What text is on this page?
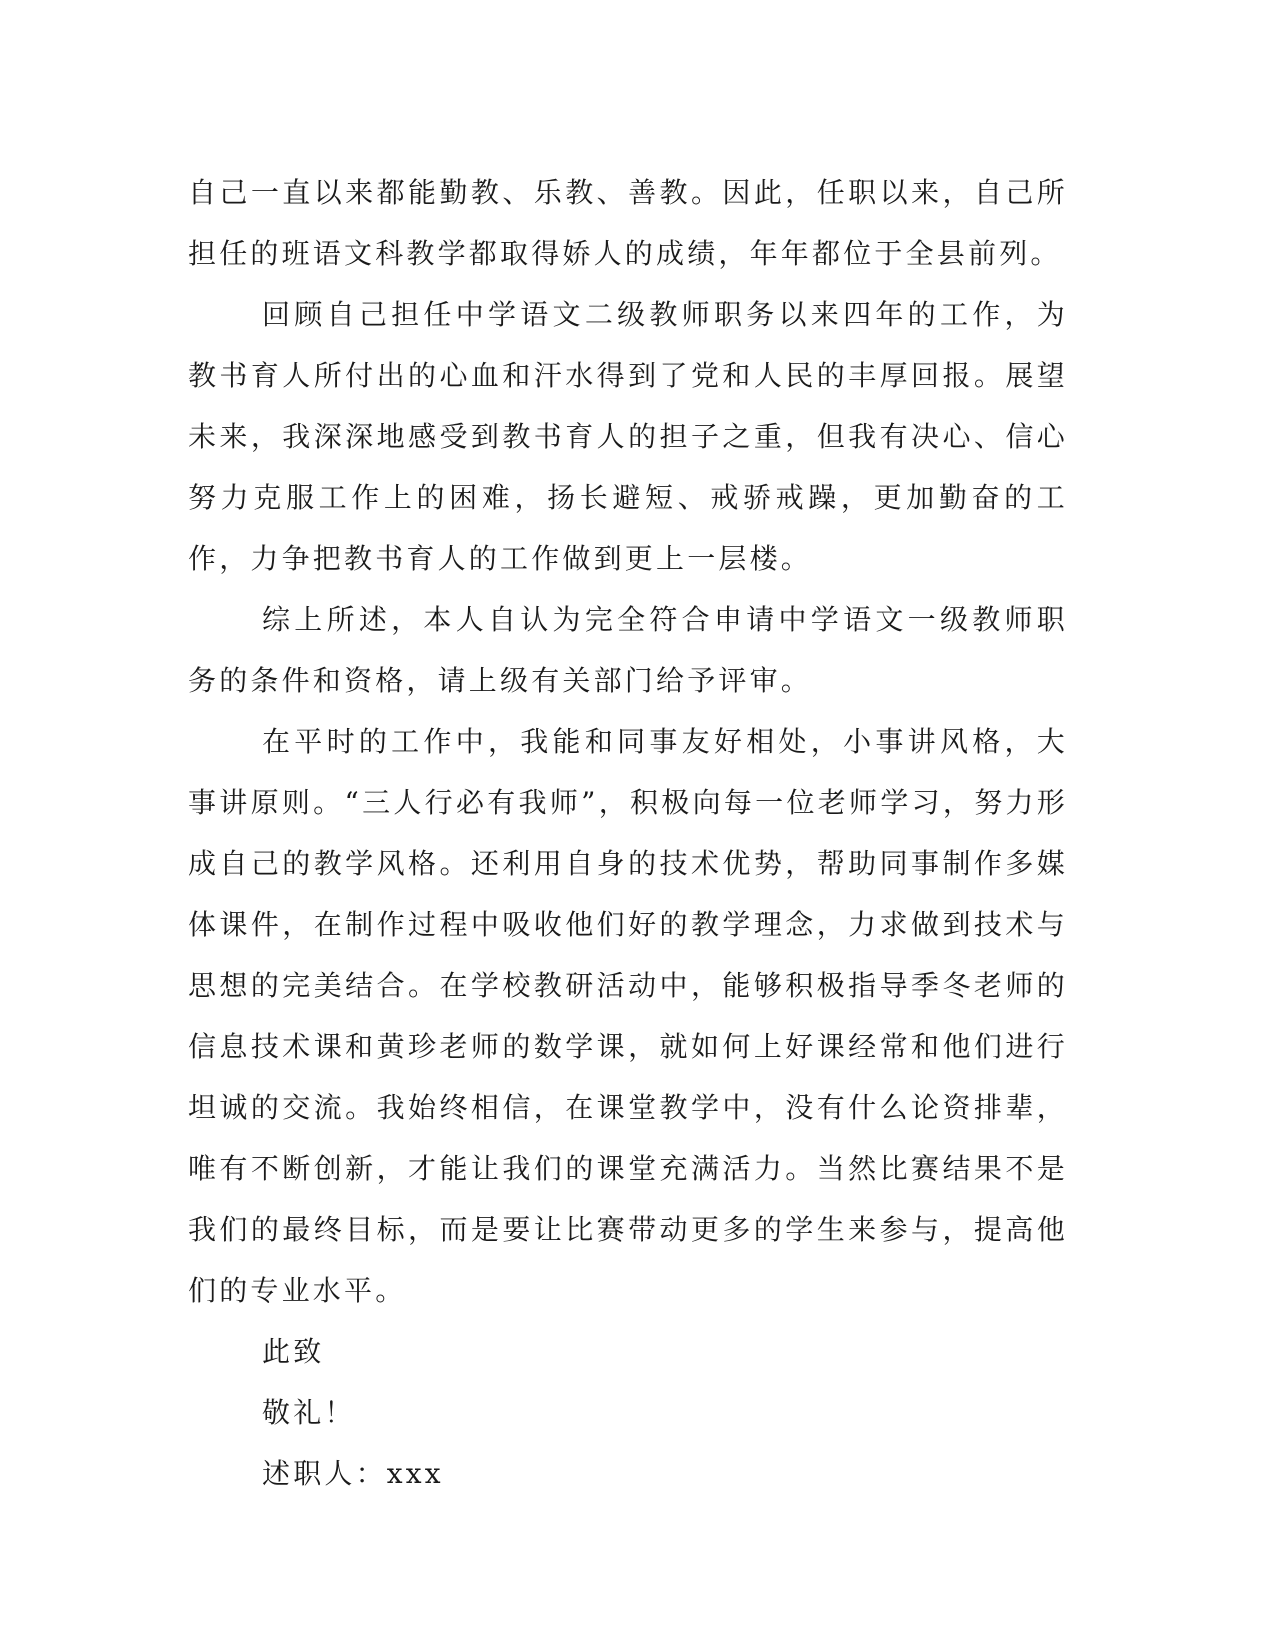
自己一直以来都能勤教、乐教、善教。因此，任职以来，自己所担任的班语文科教学都取得娇人的成绩，年年都位于全县前列。

回顾自己担任中学语文二级教师职务以来四年的工作，为教书育人所付出的心血和汗水得到了党和人民的丰厚回报。展望未来，我深深地感受到教书育人的担子之重，但我有决心、信心努力克服工作上的困难，扬长避短、戒骄戒躁，更加勤奋的工作，力争把教书育人的工作做到更上一层楼。

综上所述，本人自认为完全符合申请中学语文一级教师职务的条件和资格，请上级有关部门给予评审。

在平时的工作中，我能和同事友好相处，小事讲风格，大事讲原则。“三人行必有我师”，积极向每一位老师学习，努力形成自己的教学风格。还利用自身的技术优势，帮助同事制作多媒体课件，在制作过程中吸收他们好的教学理念，力求做到技术与思想的完美结合。在学校教研活动中，能够积极指导季冬老师的信息技术课和黄珍老师的数学课，就如何上好课经常和他们进行坦诚的交流。我始终相信，在课堂教学中，没有什么论资排辈，唯有不断创新，才能让我们的课堂充满活力。当然比赛结果不是我们的最终目标，而是要让比赛带动更多的学生来参与，提高他们的专业水平。

此致

敬礼！

述职人：xxx
